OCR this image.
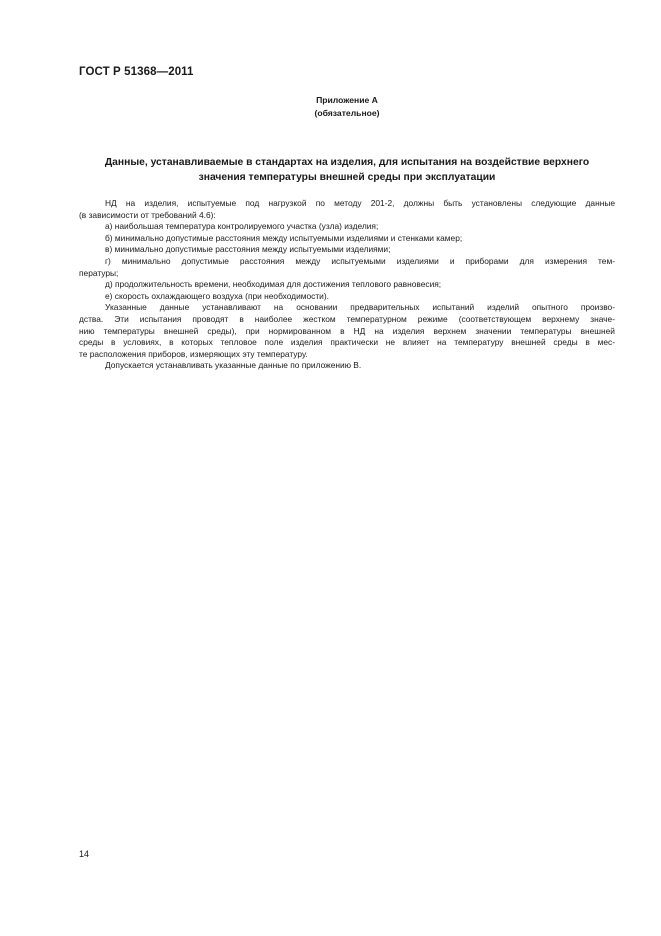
ГОСТ Р 51368—2011
Приложение А
(обязательное)
Данные, устанавливаемые в стандартах на изделия, для испытания на воздействие верхнего
значения температуры внешней среды при эксплуатации
НД на изделия, испытуемые под нагрузкой по методу 201-2, должны быть установлены следующие данные
(в зависимости от требований 4.6):
а) наибольшая температура контролируемого участка (узла) изделия;
б) минимально допустимые расстояния между испытуемыми изделиями и стенками камер;
в) минимально допустимые расстояния между испытуемыми изделиями;
г) минимально допустимые расстояния между испытуемыми изделиями и приборами для измерения тем-
пературы;
д) продолжительность времени, необходимая для достижения теплового равновесия;
е) скорость охлаждающего воздуха (при необходимости).
Указанные данные устанавливают на основании предварительных испытаний изделий опытного произво-
дства. Эти испытания проводят в наиболее жестком температурном режиме (соответствующем верхнему значе-
нию температуры внешней среды), при нормированном в НД на изделия верхнем значении температуры внешней
среды в условиях, в которых тепловое поле изделия практически не влияет на температуру внешней среды в мес-
те расположения приборов, измеряющих эту температуру.
Допускается устанавливать указанные данные по приложению В.
14
